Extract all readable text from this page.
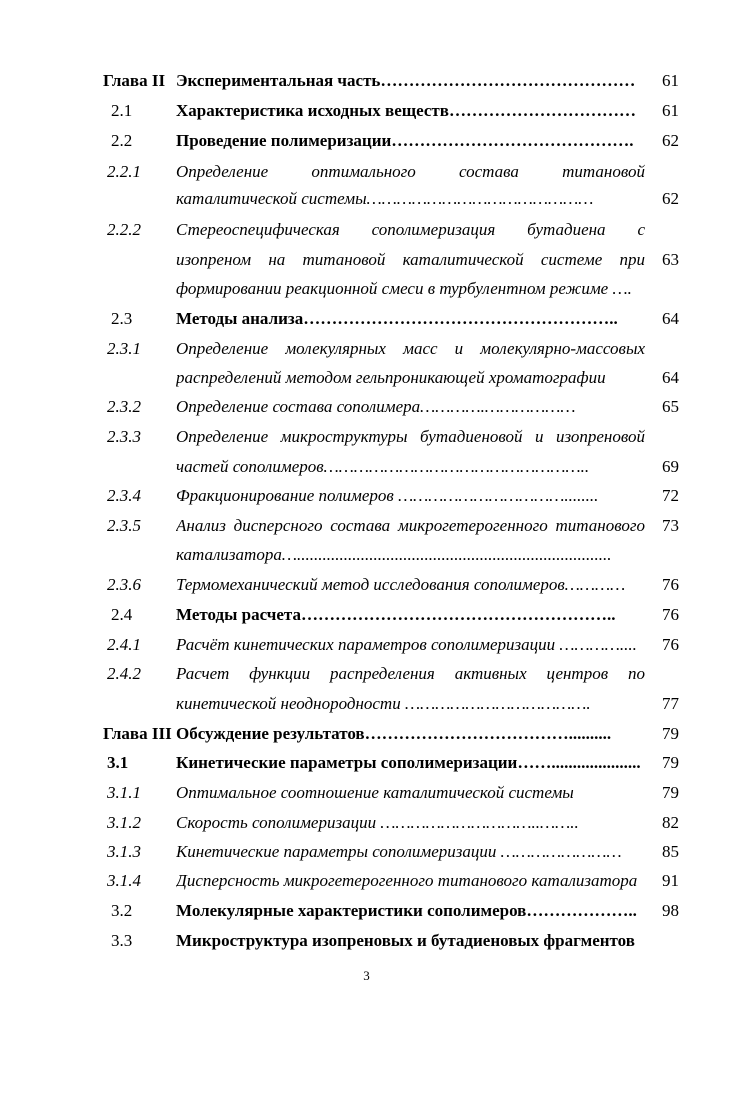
Глава II Экспериментальная часть………………………………………	61
2.1	Характеристика исходных веществ……………………………	61
2.2	Проведение полимеризации…………………………………….	62
2.2.1 Определение оптимального состава титановой
каталитической системы………………………………………	62
2.2.2 Стереоспецифическая сополимеризация бутадиена с
изопреном на титановой каталитической системе при	63
формировании реакционной смеси в турбулентном режиме ….
2.3	Методы анализа………………………………………………..	64
2.3.1 Определение молекулярных масс и молекулярно-массовых
распределений методом гельпроникающей хроматографии	64
2.3.2 Определение состава сополимера………….………………	65
2.3.3 Определение микроструктуры бутадиеновой и изопреновой
частей сополимеров……………………………………………..	69
2.3.4 Фракционирование полимеров ……………………………........	72
2.3.5 Анализ дисперсного состава микрогетерогенного титанового	73
катализатора…..........................................................................
2.3.6 Термомеханический метод исследования сополимеров…………	76
2.4	Методы расчета………………………………………………..	76
2.4.1 Расчёт кинетических параметров сополимеризации …………....	76
2.4.2 Расчет функции распределения активных центров по
кинетической неоднородности ……………………………….	77
Глава III Обсуждение результатов………………………………..........	79
3.1	Кинетические параметры сополимеризации…….....................	79
3.1.1 Оптимальное соотношение каталитической системы	79
3.1.2 Скорость сополимеризации …………………………..……..	82
3.1.3 Кинетические параметры сополимеризации ……………………	85
3.1.4 Дисперсность микрогетерогенного титанового катализатора	91
3.2	Молекулярные характеристики сополимеров………………..	98
3.3	Микроструктура изопреновых и бутадиеновых фрагментов
3
